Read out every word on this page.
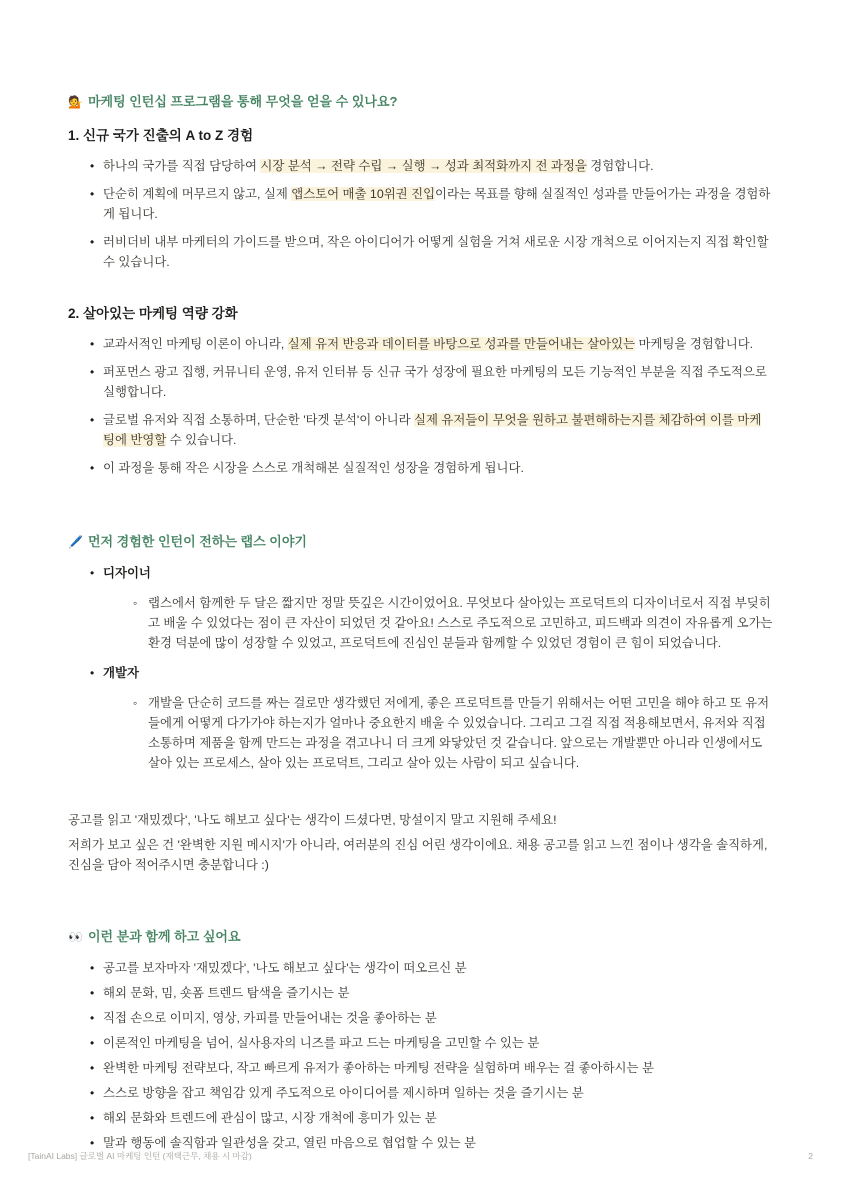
💁 마케팅 인턴십 프로그램을 통해 무엇을 얻을 수 있나요?
1. 신규 국가 진출의 A to Z 경험
•
하나의 국가를 직접 담당하여 시장 분석 → 전략 수립 → 실행 → 성과 최적화까지 전 과정을 경험합니다.
•
단순히 계획에 머무르지 않고, 실제 앱스토어 매출 10위권 진입이라는 목표를 향해 실질적인 성과를 만들어가는 과정을 경험하게 됩니다.
•
러비더비 내부 마케터의 가이드를 받으며, 작은 아이디어가 어떻게 실험을 거쳐 새로운 시장 개척으로 이어지는지 직접 확인할 수 있습니다.
2. 살아있는 마케팅 역량 강화
•
교과서적인 마케팅 이론이 아니라, 실제 유저 반응과 데이터를 바탕으로 성과를 만들어내는 살아있는 마케팅을 경험합니다.
•
퍼포먼스 광고 집행, 커뮤니티 운영, 유저 인터뷰 등 신규 국가 성장에 필요한 마케팅의 모든 기능적인 부분을 직접 주도적으로 실행합니다.
•
글로벌 유저와 직접 소통하며, 단순한 '타겟 분석'이 아니라 실제 유저들이 무엇을 원하고 불편해하는지를 체감하여 이를 마케팅에 반영할 수 있습니다.
•
이 과정을 통해 작은 시장을 스스로 개척해본 실질적인 성장을 경험하게 됩니다.
🖊️ 먼저 경험한 인턴이 전하는 랩스 이야기
•
디자이너
◦
랩스에서 함께한 두 달은 짧지만 정말 뜻깊은 시간이었어요. 무엇보다 살아있는 프로덕트의 디자이너로서 직접 부딪히고 배울 수 있었다는 점이 큰 자산이 되었던 것 같아요! 스스로 주도적으로 고민하고, 피드백과 의견이 자유롭게 오가는 환경 덕분에 많이 성장할 수 있었고, 프로덕트에 진심인 분들과 함께할 수 있었던 경험이 큰 힘이 되었습니다.
•
개발자
◦
개발을 단순히 코드를 짜는 걸로만 생각했던 저에게, 좋은 프로덕트를 만들기 위해서는 어떤 고민을 해야 하고 또 유저들에게 어떻게 다가가야 하는지가 얼마나 중요한지 배울 수 있었습니다. 그리고 그걸 직접 적용해보면서, 유저와 직접 소통하며 제품을 함께 만드는 과정을 겪고나니 더 크게 와닿았던 것 같습니다. 앞으로는 개발뿐만 아니라 인생에서도 살아 있는 프로세스, 살아 있는 프로덕트, 그리고 살아 있는 사람이 되고 싶습니다.

공고를 읽고 '재밌겠다', '나도 해보고 싶다'는 생각이 드셨다면, 망설이지 말고 지원해 주세요!

저희가 보고 싶은 건 '완벽한 지원 메시지'가 아니라, 여러분의 진심 어린 생각이에요. 채용 공고를 읽고 느낀 점이나 생각을 솔직하게, 진심을 담아 적어주시면 충분합니다 :)

👀 이런 분과 함께 하고 싶어요
•
공고를 보자마자 '재밌겠다', '나도 해보고 싶다'는 생각이 떠오르신 분
•
해외 문화, 밈, 숏폼 트렌드 탐색을 즐기시는 분
•
직접 손으로 이미지, 영상, 카피를 만들어내는 것을 좋아하는 분
•
이론적인 마케팅을 넘어, 실사용자의 니즈를 파고 드는 마케팅을 고민할 수 있는 분
•
완벽한 마케팅 전략보다, 작고 빠르게 유저가 좋아하는 마케팅 전략을 실험하며 배우는 걸 좋아하시는 분
•
스스로 방향을 잡고 책임감 있게 주도적으로 아이디어를 제시하며 일하는 것을 즐기시는 분
•
해외 문화와 트렌드에 관심이 많고, 시장 개척에 흥미가 있는 분
•
말과 행동에 솔직함과 일관성을 갖고, 열린 마음으로 협업할 수 있는 분
[TainAI Labs] 글로벌 AI 마케팅 인턴 (재택근무, 채용 시 마감)	2
